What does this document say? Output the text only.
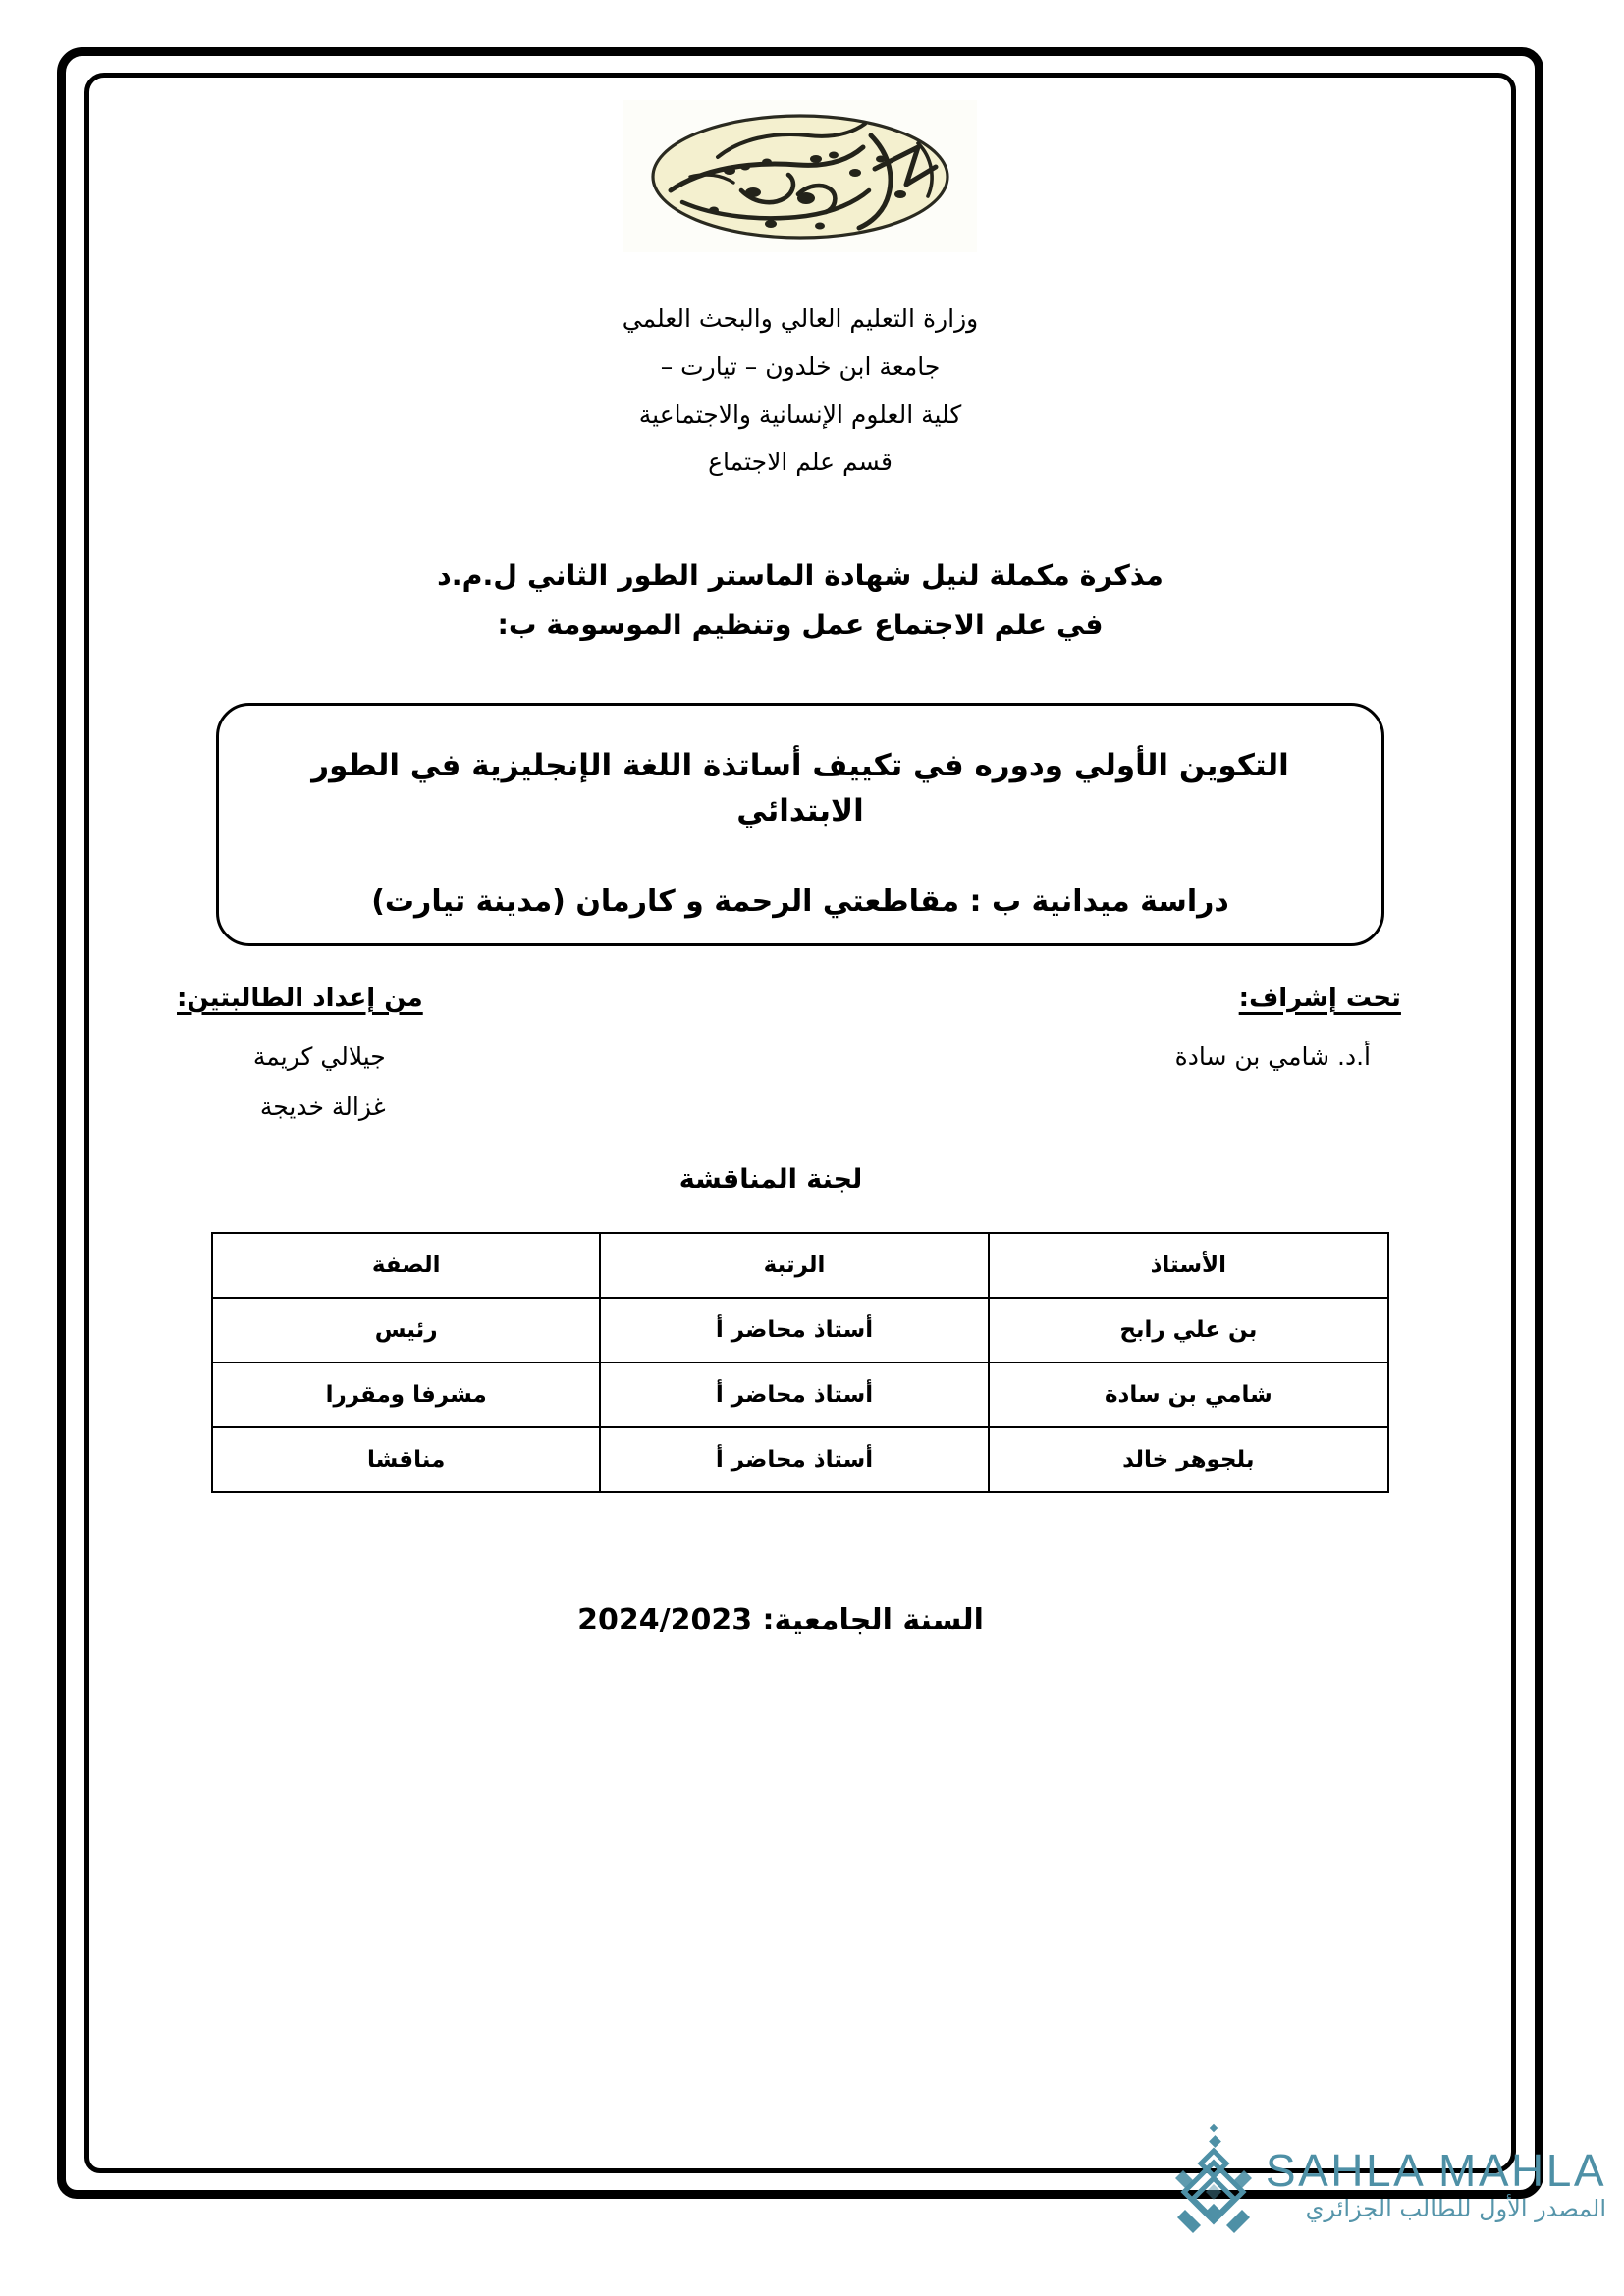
وزارة التعليم العالي والبحث العلمي
جامعة ابن خلدون – تيارت –
كلية العلوم الإنسانية والاجتماعية
قسم علم الاجتماع
مذكرة مكملة لنيل شهادة الماستر الطور الثاني ل.م.د
في علم الاجتماع عمل وتنظيم الموسومة ب:
التكوين الأولي ودوره في تكييف أساتذة اللغة الإنجليزية في الطور الابتدائي
دراسة ميدانية ب : مقاطعتي الرحمة و كارمان (مدينة تيارت)
من إعداد الطالبتين:
جيلالي كريمة
غزالة خديجة
تحت إشراف:
أ.د. شامي بن سادة
لجنة المناقشة
الأستاذ	الرتبة	الصفة
بن علي رابح	أستاذ محاضر أ	رئيس
شامي بن سادة	أستاذ محاضر أ	مشرفا ومقررا
بلجوهر خالد	أستاذ محاضر أ	مناقشا
السنة الجامعية: 2024/2023
SAHLA MAHLA
المصدر الأول للطالب الجزائري
